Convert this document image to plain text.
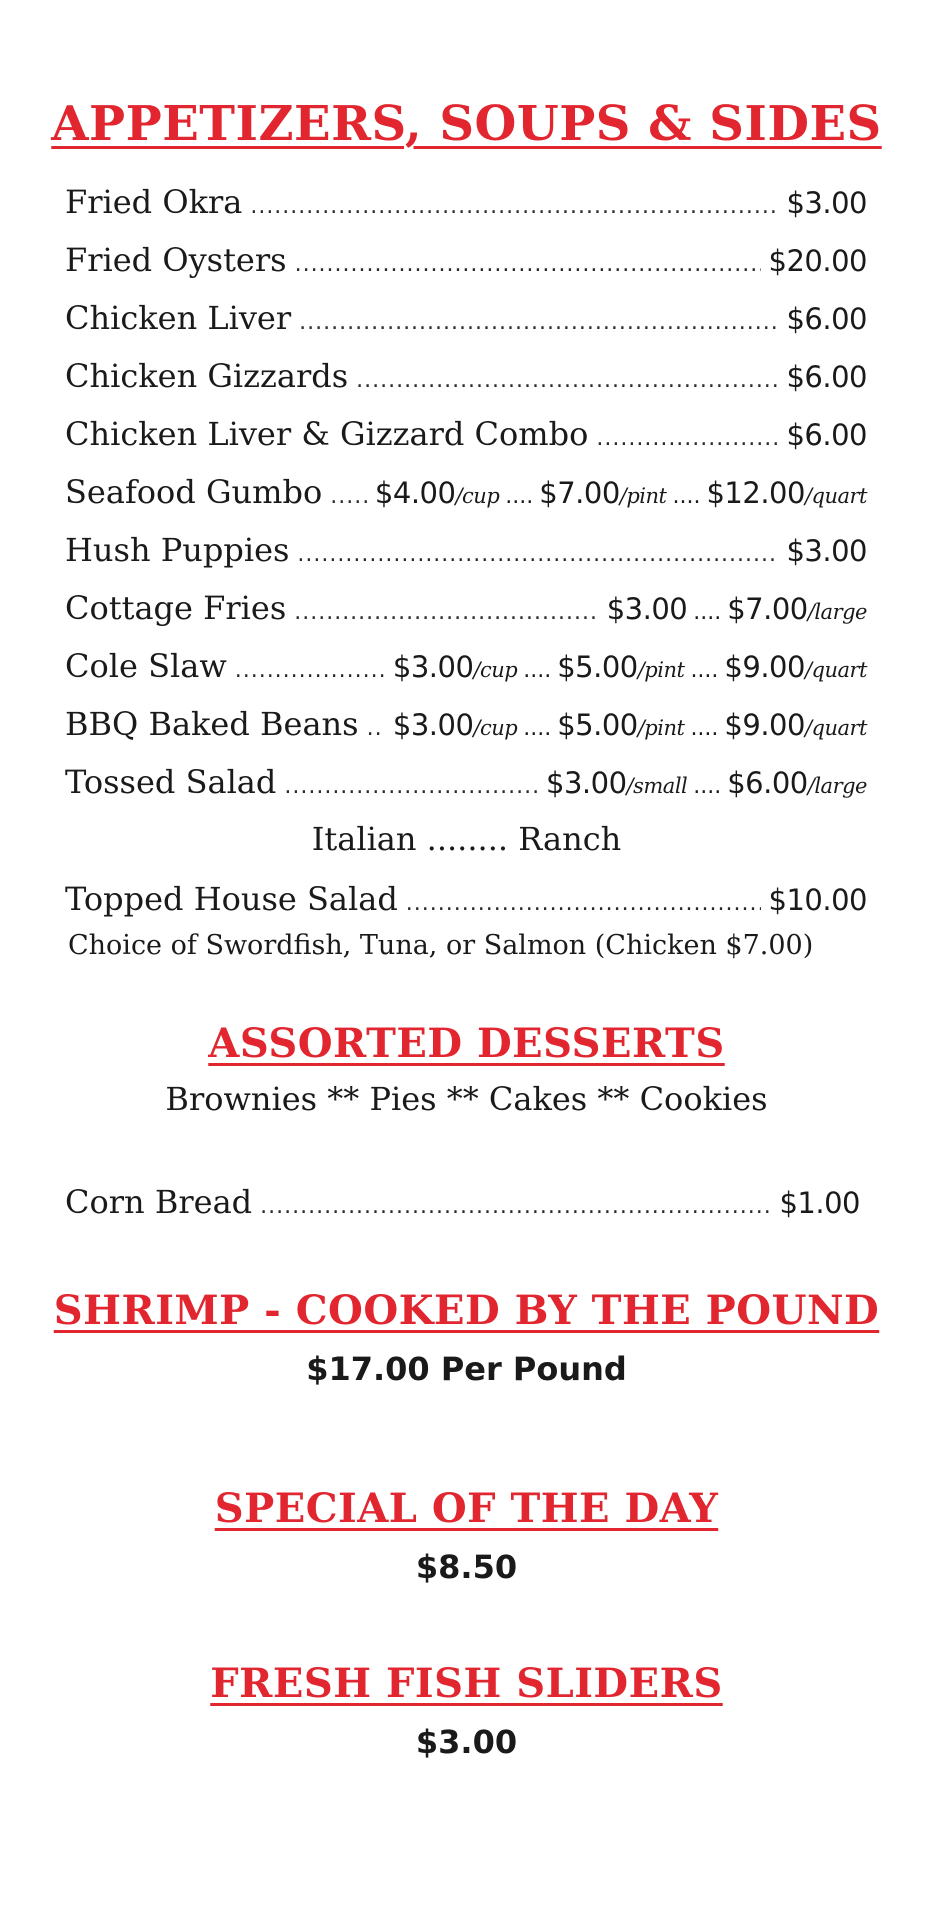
APPETIZERS, SOUPS & SIDES
Fried Okra .....	$3.00
Fried Oysters .....	$20.00
Chicken Liver .....	$6.00
Chicken Gizzards .....	$6.00
Chicken Liver & Gizzard Combo .....	$6.00
Seafood Gumbo ..... $4.00/cup .... $7.00/pint .... $12.00/quart
Hush Puppies .....	$3.00
Cottage Fries .....	$3.00 .... $7.00/large
Cole Slaw .....	$3.00/cup .... $5.00/pint .... $9.00/quart
BBQ Baked Beans ..... $3.00/cup .... $5.00/pint .... $9.00/quart
Tossed Salad .....	$3.00/small .... $6.00/large
Italian ........ Ranch
Topped House Salad .....	$10.00
Choice of Swordfish, Tuna, or Salmon (Chicken $7.00)
ASSORTED DESSERTS
Brownies ** Pies ** Cakes ** Cookies
Corn Bread .....	$1.00
SHRIMP - COOKED BY THE POUND
$17.00 Per Pound
SPECIAL OF THE DAY
$8.50
FRESH FISH SLIDERS
$3.00
